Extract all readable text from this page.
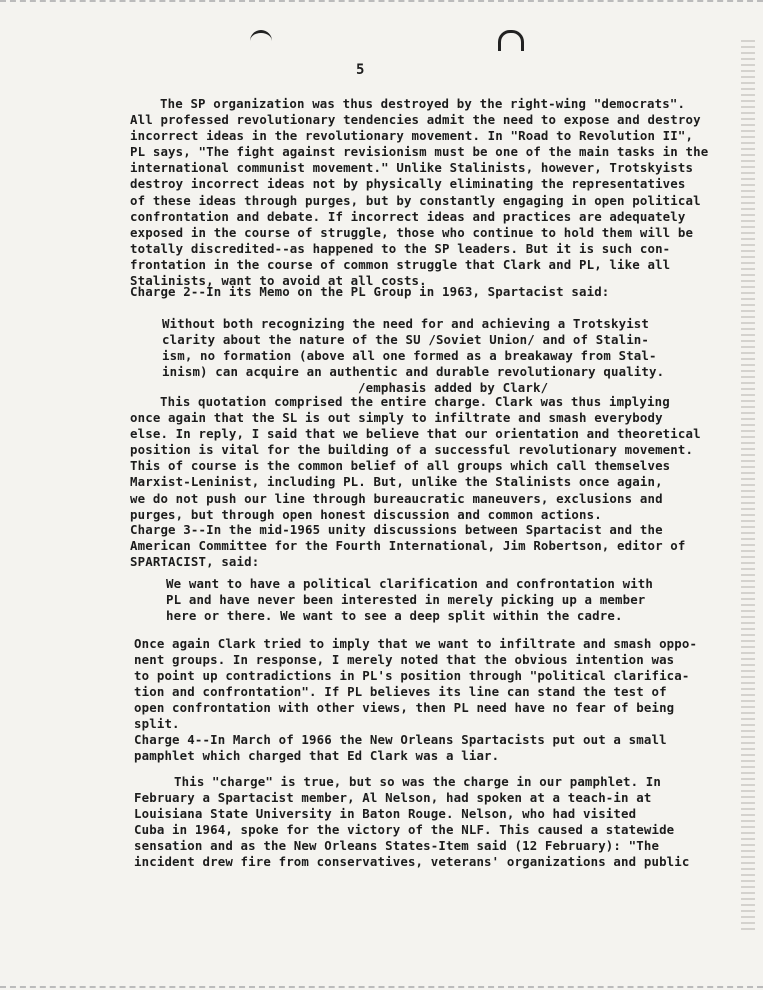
5

The SP organization was thus destroyed by the right-wing "democrats".

All professed revolutionary tendencies admit the need to expose and destroy

incorrect ideas in the revolutionary movement. In "Road to Revolution II",

PL says, "The fight against revisionism must be one of the main tasks in the

international communist movement." Unlike Stalinists, however, Trotskyists

destroy incorrect ideas not by physically eliminating the representatives

of these ideas through purges, but by constantly engaging in open political

confrontation and debate. If incorrect ideas and practices are adequately

exposed in the course of struggle, those who continue to hold them will be

totally discredited--as happened to the SP leaders. But it is such con-

frontation in the course of common struggle that Clark and PL, like all

Stalinists, want to avoid at all costs.

Charge 2--In its Memo on the PL Group in 1963, Spartacist said:

Without both recognizing the need for and achieving a Trotskyist

clarity about the nature of the SU /Soviet Union/ and of Stalin-

ism, no formation (above all one formed as a breakaway from Stal-

inism) can acquire an authentic and durable revolutionary quality.

/emphasis added by Clark/

This quotation comprised the entire charge. Clark was thus implying

once again that the SL is out simply to infiltrate and smash everybody

else. In reply, I said that we believe that our orientation and theoretical

position is vital for the building of a successful revolutionary movement.

This of course is the common belief of all groups which call themselves

Marxist-Leninist, including PL. But, unlike the Stalinists once again,

we do not push our line through bureaucratic maneuvers, exclusions and

purges, but through open honest discussion and common actions.

Charge 3--In the mid-1965 unity discussions between Spartacist and the

American Committee for the Fourth International, Jim Robertson, editor of

SPARTACIST, said:

We want to have a political clarification and confrontation with

PL and have never been interested in merely picking up a member

here or there. We want to see a deep split within the cadre.

Once again Clark tried to imply that we want to infiltrate and smash oppo-

nent groups. In response, I merely noted that the obvious intention was

to point up contradictions in PL's position through "political clarifica-

tion and confrontation". If PL believes its line can stand the test of

open confrontation with other views, then PL need have no fear of being

split.

Charge 4--In March of 1966 the New Orleans Spartacists put out a small

pamphlet which charged that Ed Clark was a liar.

This "charge" is true, but so was the charge in our pamphlet. In

February a Spartacist member, Al Nelson, had spoken at a teach-in at

Louisiana State University in Baton Rouge. Nelson, who had visited

Cuba in 1964, spoke for the victory of the NLF. This caused a statewide

sensation and as the New Orleans States-Item said (12 February): "The

incident drew fire from conservatives, veterans' organizations and public
